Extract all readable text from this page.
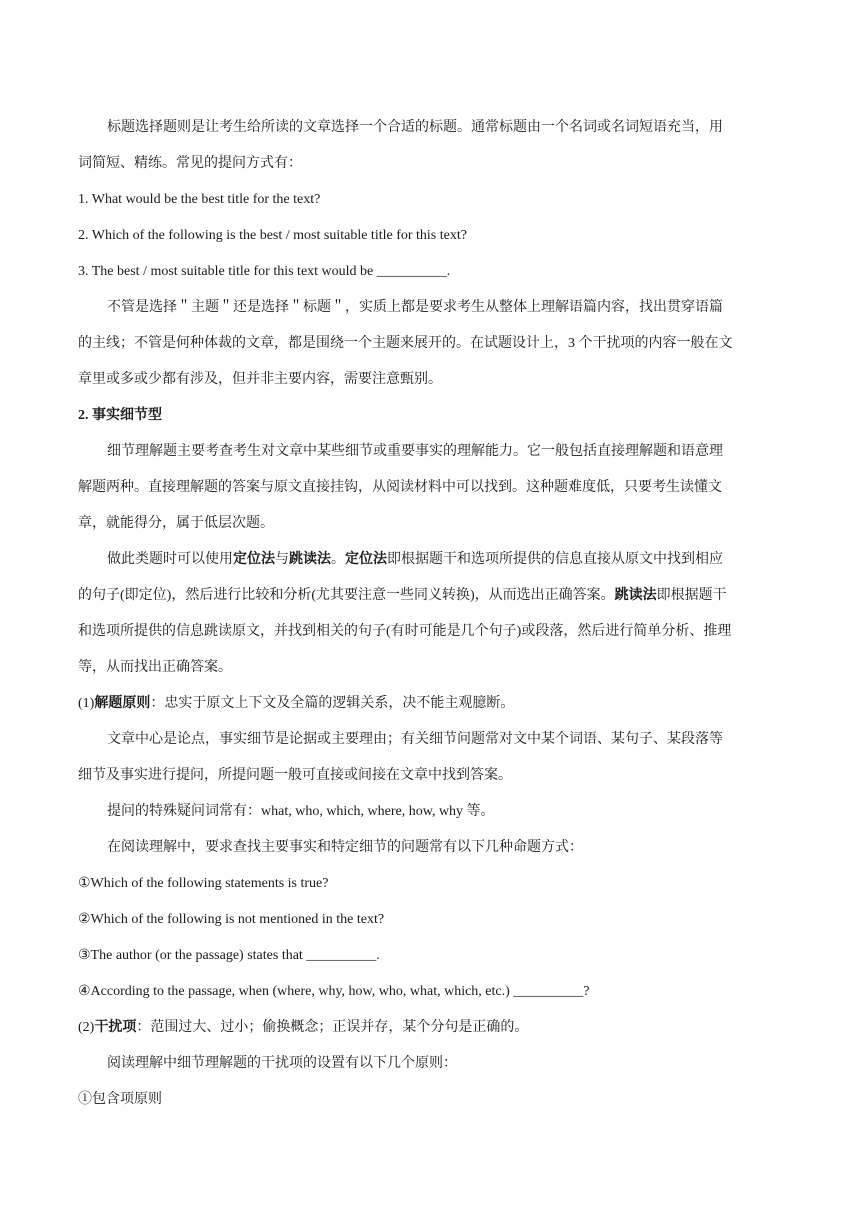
标题选择题则是让考生给所读的文章选择一个合适的标题。通常标题由一个名词或名词短语充当，用

词简短、精练。常见的提问方式有：

1. What would be the best title for the text?

2. Which of the following is the best / most suitable title for this text?

3. The best / most suitable title for this text would be __________.

不管是选择＂主题＂还是选择＂标题＂，实质上都是要求考生从整体上理解语篇内容，找出贯穿语篇

的主线；不管是何种体裁的文章，都是围绕一个主题来展开的。在试题设计上，3 个干扰项的内容一般在文

章里或多或少都有涉及，但并非主要内容，需要注意甄别。

2. 事实细节型

细节理解题主要考查考生对文章中某些细节或重要事实的理解能力。它一般包括直接理解题和语意理

解题两种。直接理解题的答案与原文直接挂钩，从阅读材料中可以找到。这种题难度低，只要考生读懂文

章，就能得分，属于低层次题。

做此类题时可以使用定位法与跳读法。定位法即根据题干和选项所提供的信息直接从原文中找到相应

的句子(即定位)，然后进行比较和分析(尤其要注意一些同义转换)，从而选出正确答案。跳读法即根据题干

和选项所提供的信息跳读原文，并找到相关的句子(有时可能是几个句子)或段落，然后进行简单分析、推理

等，从而找出正确答案。

(1)解题原则：忠实于原文上下文及全篇的逻辑关系，决不能主观臆断。

文章中心是论点，事实细节是论据或主要理由；有关细节问题常对文中某个词语、某句子、某段落等

细节及事实进行提问，所提问题一般可直接或间接在文章中找到答案。

提问的特殊疑问词常有：what, who, which, where, how, why 等。

在阅读理解中，要求查找主要事实和特定细节的问题常有以下几种命题方式：

①Which of the following statements is true?

②Which of the following is not mentioned in the text?

③The author (or the passage) states that __________.

④According to the passage, when (where, why, how, who, what, which, etc.) __________?

(2)干扰项：范围过大、过小；偷换概念；正误并存，某个分句是正确的。

阅读理解中细节理解题的干扰项的设置有以下几个原则：

①包含项原则
